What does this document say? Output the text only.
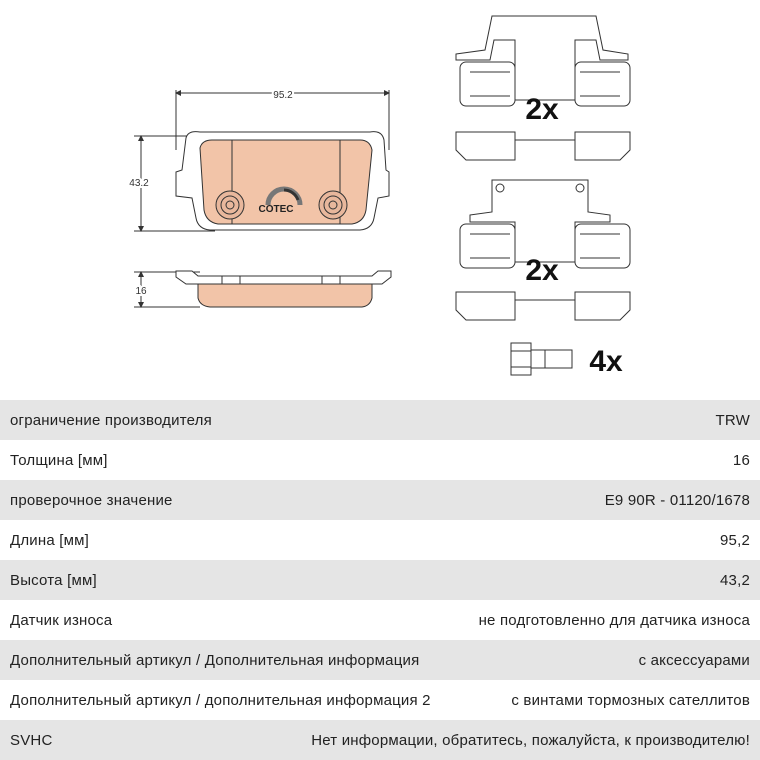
95.2
43.2
COTEC
16
2x
2x
4x
ограничение производителя	TRW
Толщина [мм]	16
проверочное значение	E9 90R - 01120/1678
Длина [мм]	95,2
Высота [мм]	43,2
Датчик износа	не подготовленно для датчика износа
Дополнительный артикул / Дополнительная информация	с аксессуарами
Дополнительный артикул / дополнительная информация 2	с винтами тормозных сателлитов
SVHC	Нет информации, обратитесь, пожалуйста, к производителю!
